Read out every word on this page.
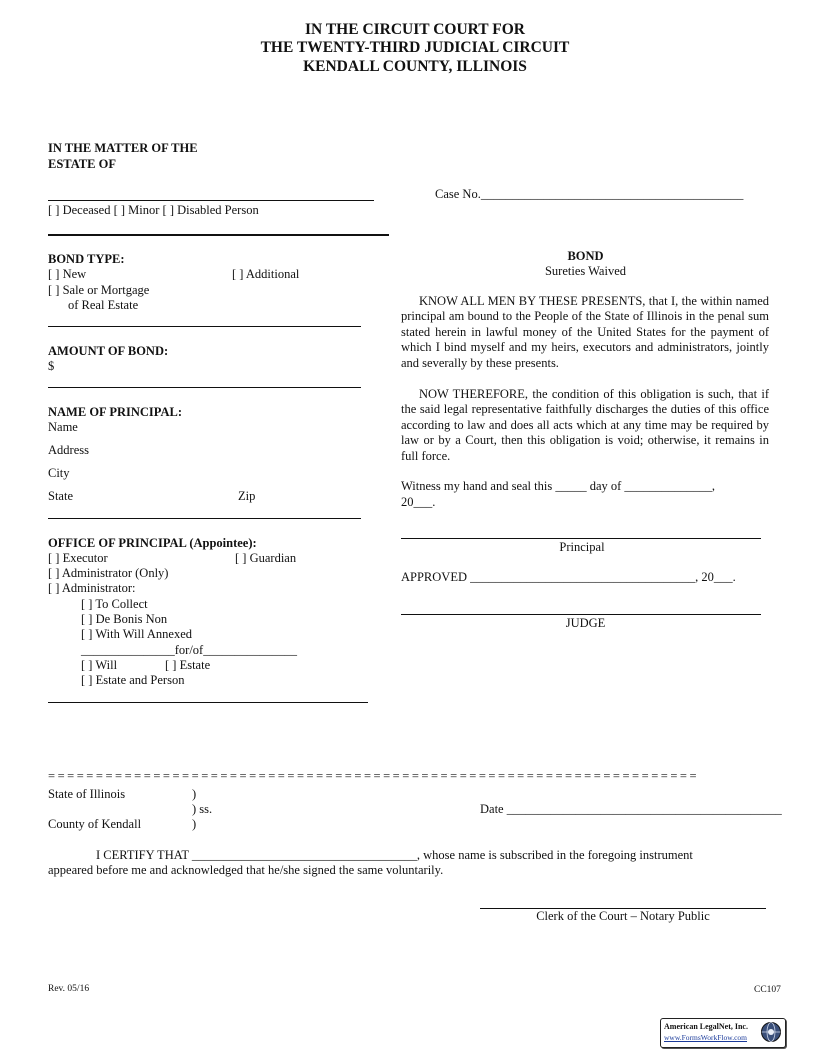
IN THE CIRCUIT COURT FOR
THE TWENTY-THIRD JUDICIAL CIRCUIT
KENDALL COUNTY, ILLINOIS
IN THE MATTER OF THE
ESTATE OF
[ ] Deceased [ ] Minor [ ] Disabled Person
Case No.__________________________________________
BOND TYPE:
[ ] New	[ ] Additional
[ ] Sale or Mortgage
of Real Estate
AMOUNT OF BOND:
$
NAME OF PRINCIPAL:
Name
Address
City
State	Zip
OFFICE OF PRINCIPAL (Appointee):
[ ] Executor	[ ] Guardian
[ ] Administrator (Only)
[ ] Administrator:
[ ] To Collect
[ ] De Bonis Non
[ ] With Will Annexed
_______________for/of_______________
[ ] Will	[ ] Estate
[ ] Estate and Person
BOND
Sureties Waived
KNOW ALL MEN BY THESE PRESENTS, that I, the within named principal am bound to the People of the State of Illinois in the penal sum stated herein in lawful money of the United States for the payment of which I bind myself and my heirs, executors and administrators, jointly and severally by these presents.
NOW THEREFORE, the condition of this obligation is such, that if the said legal representative faithfully discharges the duties of this office according to law and does all acts which at any time may be required by law or by a Court, then this obligation is void; otherwise, it remains in full force.
Witness my hand and seal this _____ day of ______________,
20___.
Principal
APPROVED ____________________________________, 20___.
JUDGE
= = = = = = = = = = = = = = = = = = = = = = = = = = = = = = = = = = = = = = = = = = = = = = = = = = = = = = = = = = = = = = = = = = = =
State of Illinois	)
) ss.
)
County of Kendall
Date ____________________________________________
I CERTIFY THAT ____________________________________, whose name is subscribed in the foregoing instrument
appeared before me and acknowledged that he/she signed the same voluntarily.
Clerk of the Court – Notary Public
Rev. 05/16	CC107
American LegalNet, Inc.
www.FormsWorkFlow.com
